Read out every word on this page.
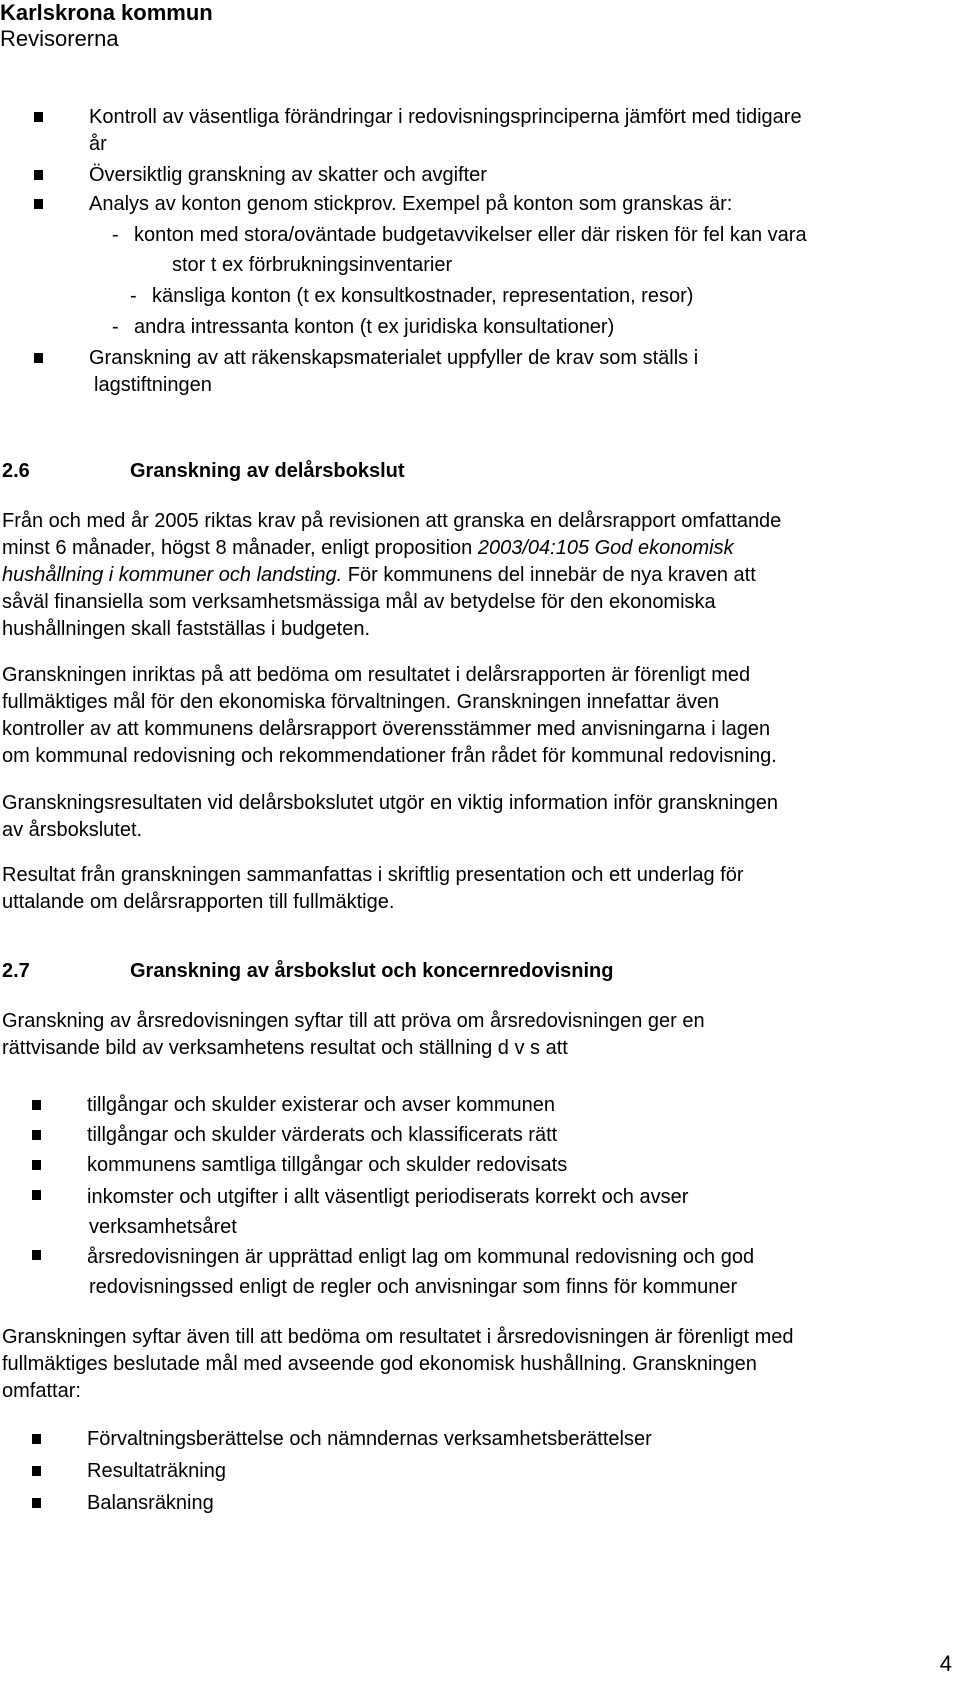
Karlskrona kommun

Revisorerna

Kontroll av väsentliga förändringar i redovisningsprinciperna jämfört med tidigare
år
Översiktlig granskning av skatter och avgifter
Analys av konton genom stickprov. Exempel på konton som granskas är:
- konton med stora/oväntade budgetavvikelser eller där risken för fel kan vara
stor t ex förbrukningsinventarier
- känsliga konton (t ex konsultkostnader, representation, resor)
- andra intressanta konton (t ex juridiska konsultationer)
Granskning av att räkenskapsmaterialet uppfyller de krav som ställs i
lagstiftningen
2.6	Granskning av delårsbokslut

Från och med år 2005 riktas krav på revisionen att granska en delårsrapport omfattande
minst 6 månader, högst 8 månader, enligt proposition 2003/04:105 God ekonomisk
hushållning i kommuner och landsting. För kommunens del innebär de nya kraven att
såväl finansiella som verksamhetsmässiga mål av betydelse för den ekonomiska
hushållningen skall fastställas i budgeten.

Granskningen inriktas på att bedöma om resultatet i delårsrapporten är förenligt med
fullmäktiges mål för den ekonomiska förvaltningen. Granskningen innefattar även
kontroller av att kommunens delårsrapport överensstämmer med anvisningarna i lagen
om kommunal redovisning och rekommendationer från rådet för kommunal redovisning.

Granskningsresultaten vid delårsbokslutet utgör en viktig information inför granskningen
av årsbokslutet.

Resultat från granskningen sammanfattas i skriftlig presentation och ett underlag för
uttalande om delårsrapporten till fullmäktige.

2.7	Granskning av årsbokslut och koncernredovisning

Granskning av årsredovisningen syftar till att pröva om årsredovisningen ger en
rättvisande bild av verksamhetens resultat och ställning d v s att

tillgångar och skulder existerar och avser kommunen
tillgångar och skulder värderats och klassificerats rätt
kommunens samtliga tillgångar och skulder redovisats
inkomster och utgifter i allt väsentligt periodiserats korrekt och avser
verksamhetsåret
årsredovisningen är upprättad enligt lag om kommunal redovisning och god
redovisningssed enligt de regler och anvisningar som finns för kommuner

Granskningen syftar även till att bedöma om resultatet i årsredovisningen är förenligt med
fullmäktiges beslutade mål med avseende god ekonomisk hushållning. Granskningen
omfattar:

Förvaltningsberättelse och nämndernas verksamhetsberättelser
Resultaträkning
Balansräkning
4
